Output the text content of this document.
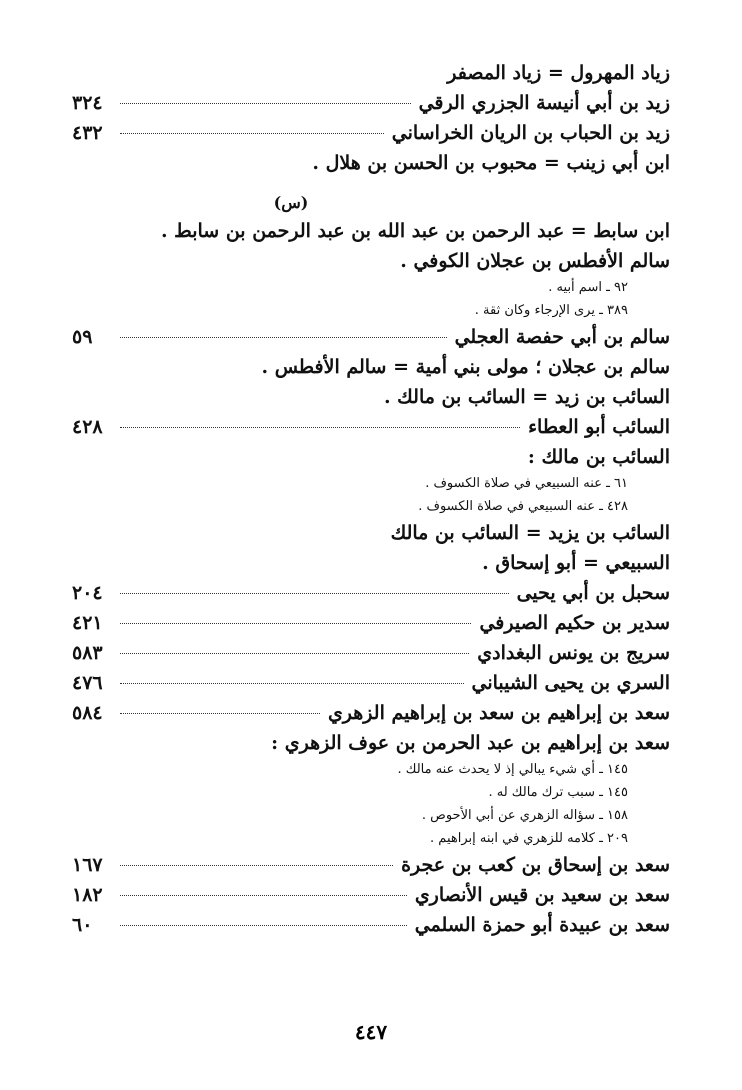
زياد المهرول = زياد المصفر
زيد بن أبي أنيسة الجزري الرقي
٣٢٤
زيد بن الحباب بن الريان الخراساني
٤٣٢
ابن أبي زينب = محبوب بن الحسن بن هلال .
(س)
ابن سابط = عبد الرحمن بن عبد الله بن عبد الرحمن بن سابط .
سالم الأفطس بن عجلان الكوفي .
٩٢ ـ اسم أبيه .
٣٨٩ ـ يرى الإرجاء وكان ثقة .
سالم بن أبي حفصة العجلي
٥٩
سالم بن عجلان ؛ مولى بني أمية = سالم الأفطس .
السائب بن زيد = السائب بن مالك .
السائب أبو العطاء
٤٢٨
السائب بن مالك :
٦١ ـ عنه السبيعي في صلاة الكسوف .
٤٢٨ ـ عنه السبيعي في صلاة الكسوف .
السائب بن يزيد = السائب بن مالك
السبيعي = أبو إسحاق .
سحبل بن أبي يحيى
٢٠٤
سدير بن حكيم الصيرفي
٤٢١
سريج بن يونس البغدادي
٥٨٣
السري بن يحيى الشيباني
٤٧٦
سعد بن إبراهيم بن سعد بن إبراهيم الزهري
٥٨٤
سعد بن إبراهيم بن عبد الحرمن بن عوف الزهري :
١٤٥ ـ أي شيء يبالي إذ لا يحدث عنه مالك .
١٤٥ ـ سبب ترك مالك له .
١٥٨ ـ سؤاله الزهري عن أبي الأحوص .
٢٠٩ ـ كلامه للزهري في ابنه إبراهيم .
سعد بن إسحاق بن كعب بن عجرة
١٦٧
سعد بن سعيد بن قيس الأنصاري
١٨٢
سعد بن عبيدة أبو حمزة السلمي
٦٠
٤٤٧
